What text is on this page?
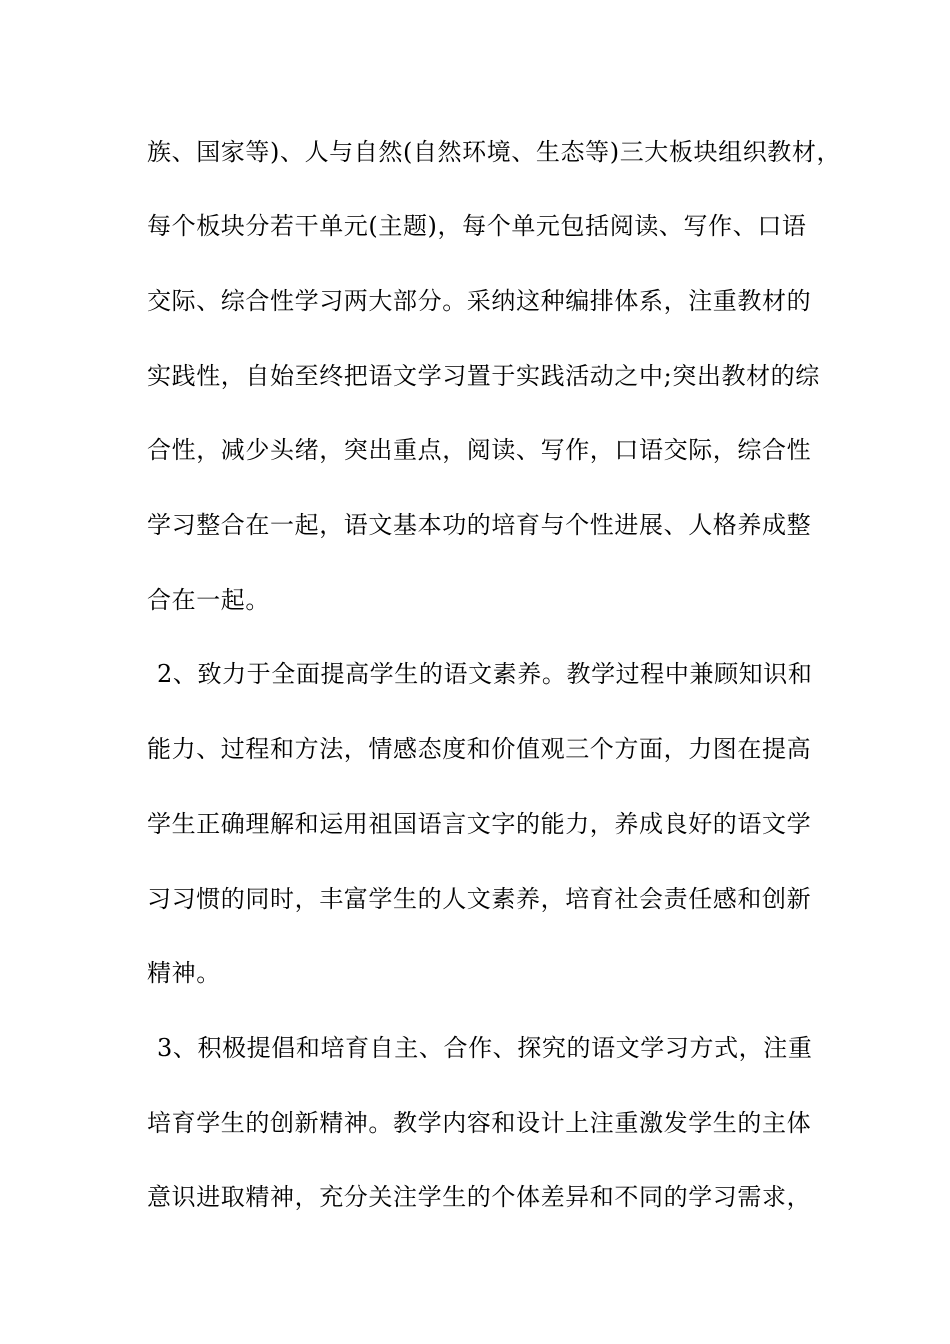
族、国家等)、人与自然(自然环境、生态等)三大板块组织教材，
每个板块分若干单元(主题)，每个单元包括阅读、写作、口语
交际、综合性学习两大部分。采纳这种编排体系，注重教材的
实践性，自始至终把语文学习置于实践活动之中;突出教材的综
合性，减少头绪，突出重点，阅读、写作，口语交际，综合性
学习整合在一起，语文基本功的培育与个性进展、人格养成整
合在一起。
2、致力于全面提高学生的语文素养。教学过程中兼顾知识和
能力、过程和方法，情感态度和价值观三个方面，力图在提高
学生正确理解和运用祖国语言文字的能力，养成良好的语文学
习习惯的同时，丰富学生的人文素养，培育社会责任感和创新
精神。
3、积极提倡和培育自主、合作、探究的语文学习方式，注重
培育学生的创新精神。教学内容和设计上注重激发学生的主体
意识进取精神，充分关注学生的个体差异和不同的学习需求，
